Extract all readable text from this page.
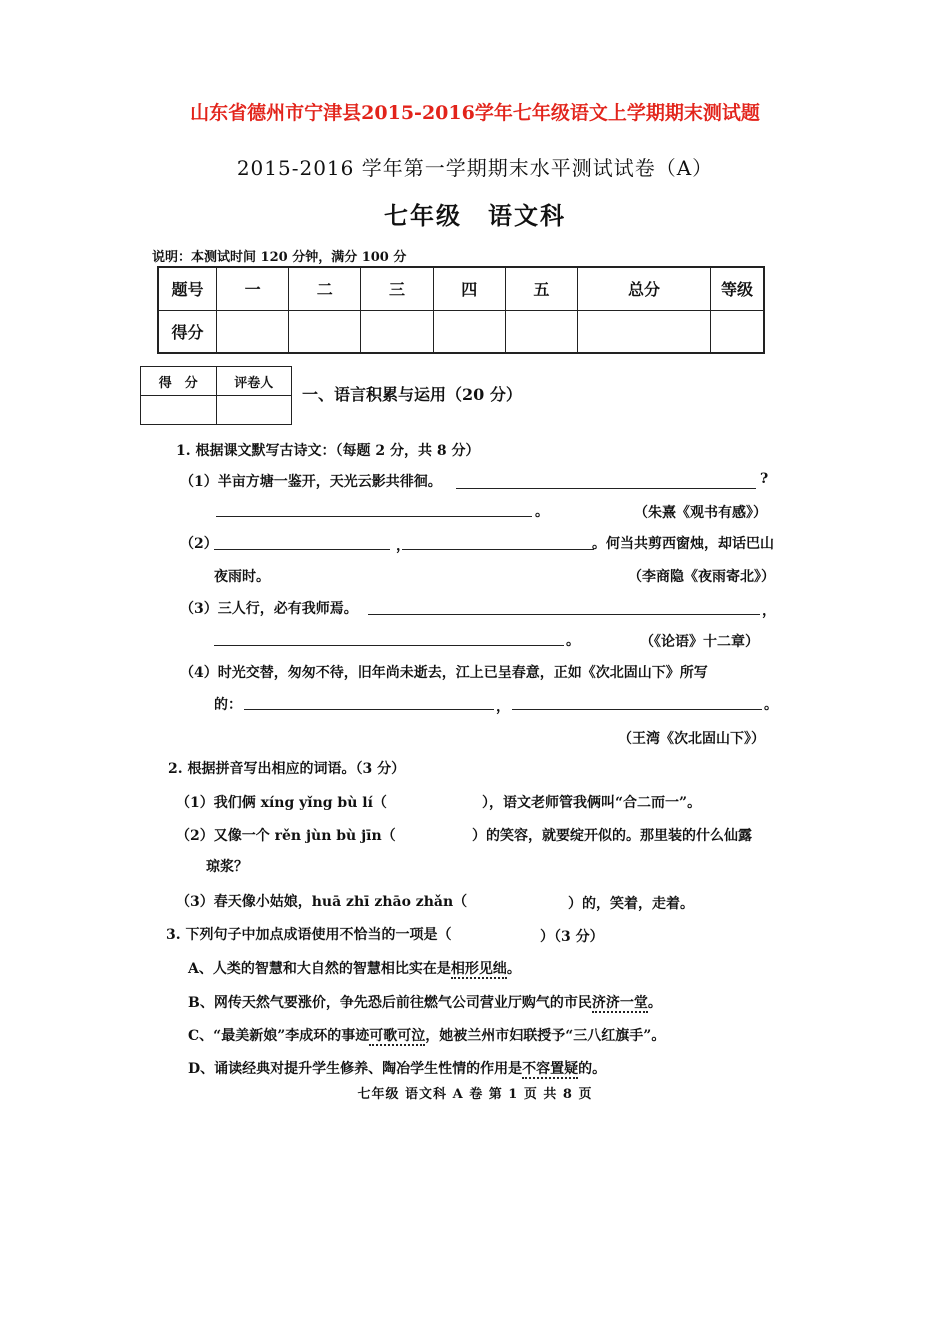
山东省德州市宁津县2015-2016学年七年级语文上学期期末测试题
2015-2016 学年第一学期期末水平测试试卷（A）
七年级　语文科
说明：本测试时间 120 分钟，满分 100 分
题号	一	二	三	四	五	总分	等级
得分							
得　分	评卷人

一、语言积累与运用（20 分）
1. 根据课文默写古诗文：（每题 2 分，共 8 分）
（1）半亩方塘一鉴开，天光云影共徘徊。	?
。	（朱熹《观书有感》）
（2）	，	。何当共剪西窗烛，却话巴山
夜雨时。	（李商隐《夜雨寄北》）
（3）三人行，必有我师焉。	，
。	（《论语》十二章）
（4）时光交替，匆匆不待，旧年尚未逝去，江上已呈春意，正如《次北固山下》所写
的：	，	。
（王湾《次北固山下》）
2. 根据拼音写出相应的词语。（3 分）
（1）我们俩 xíng yǐng bù lí（	），语文老师管我俩叫“合二而一”。
（2）又像一个 rěn jùn bù jīn（	）的笑容，就要绽开似的。那里装的什么仙露
琼浆？
（3）春天像小姑娘，huā zhī zhāo zhǎn（	）的，笑着，走着。
3. 下列句子中加点成语使用不恰当的一项是（	）（3 分）
A、人类的智慧和大自然的智慧相比实在是相形见绌。
B、网传天然气要涨价，争先恐后前往燃气公司营业厅购气的市民济济一堂。
C、“最美新娘”李成环的事迹可歌可泣，她被兰州市妇联授予“三八红旗手”。
D、诵读经典对提升学生修养、陶冶学生性情的作用是不容置疑的。
七年级 语文科 A 卷 第 1 页 共 8 页
